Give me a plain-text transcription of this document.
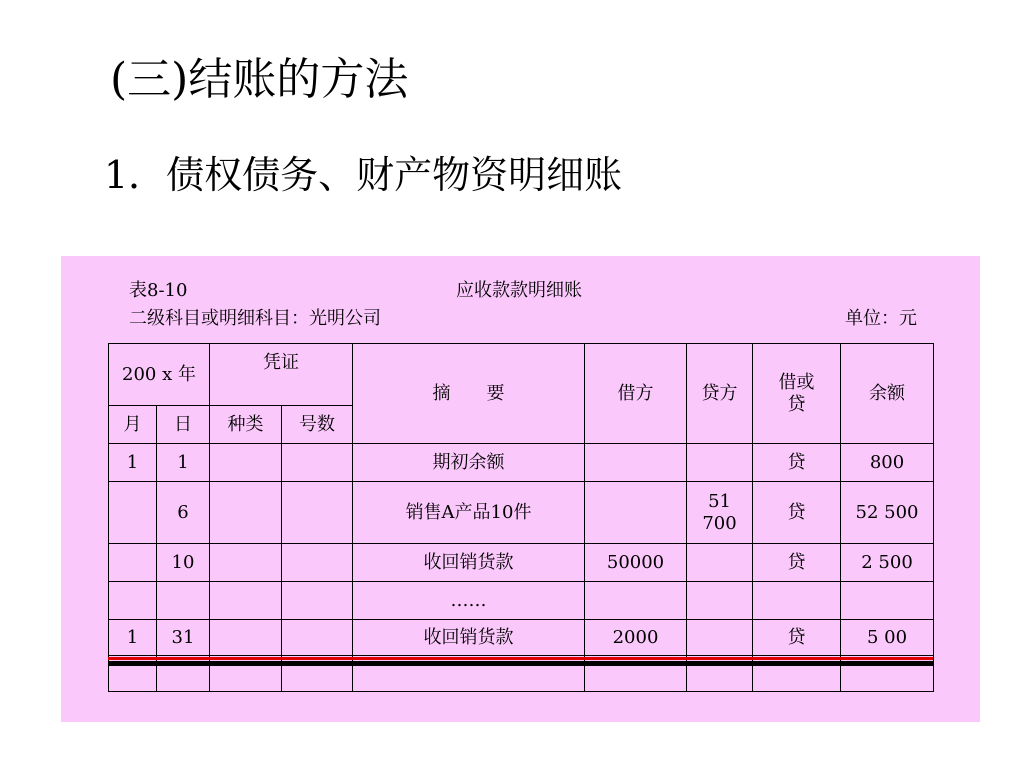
(三)结账的方法
1．债权债务、财产物资明细账
表8-10	应收款款明细账
二级科目或明细科目：光明公司	单位：元
200 x 年		凭证		摘　　要	借方	贷方	借或贷	余额
月	日	种类	号数					
1	1			期初余额			贷	800
	6			销售A产品10件		51 700	贷	52 500
	10			收回销货款	50000		贷	2 500
				……				
1	31			收回销货款	2000		贷	5 00
